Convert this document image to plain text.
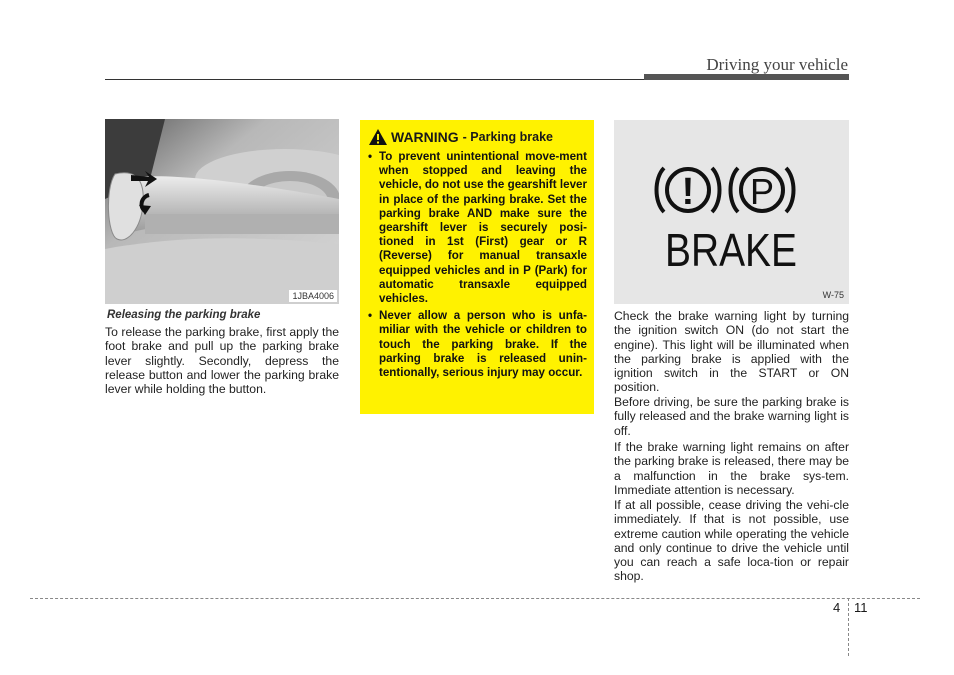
Driving your vehicle
1JBA4006
Releasing the parking brake
To release the parking brake, first apply the foot brake and pull up the parking brake lever slightly. Secondly, depress the release button and lower the parking brake lever while holding the button.
WARNING - Parking brake
• To prevent unintentional move-ment when stopped and leaving the vehicle, do not use the gearshift lever in place of the parking brake. Set the parking brake AND make sure the gearshift lever is securely posi-tioned in 1st (First) gear or R (Reverse) for manual transaxle equipped vehicles and in P (Park) for automatic transaxle equipped vehicles.
• Never allow a person who is unfa-miliar with the vehicle or children to touch the parking brake. If the parking brake is released unin-tentionally, serious injury may occur.
! P
BRAKE
W-75
Check the brake warning light by turning the ignition switch ON (do not start the engine). This light will be illuminated when the parking brake is applied with the ignition switch in the START or ON position.
Before driving, be sure the parking brake is fully released and the brake warning light is off.
If the brake warning light remains on after the parking brake is released, there may be a malfunction in the brake sys-tem. Immediate attention is necessary.
If at all possible, cease driving the vehi-cle immediately. If that is not possible, use extreme caution while operating the vehicle and only continue to drive the vehicle until you can reach a safe loca-tion or repair shop.
4 11
